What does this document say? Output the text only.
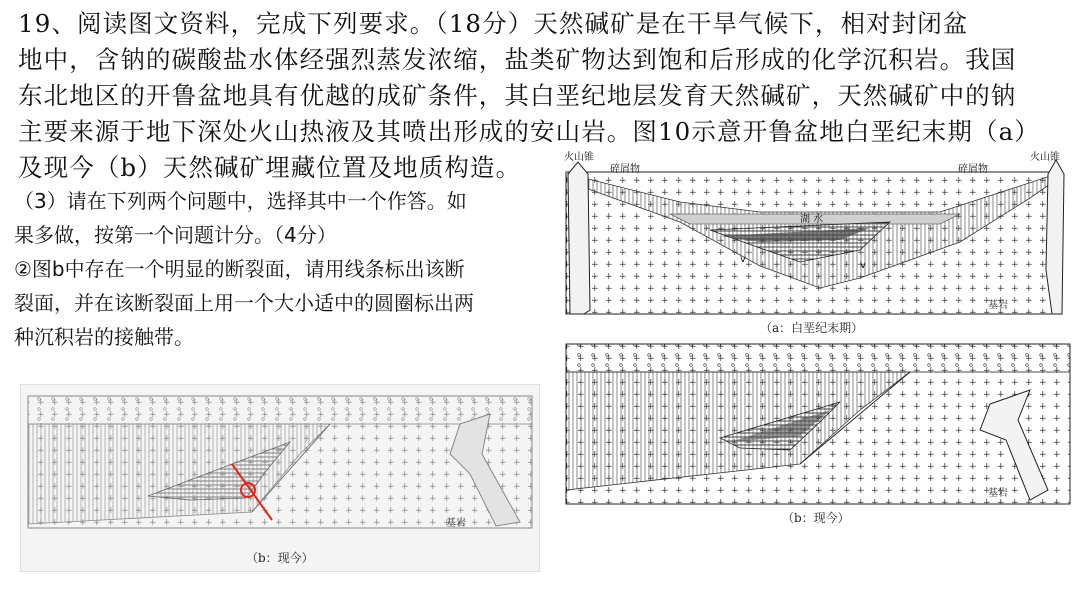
19、阅读图文资料，完成下列要求。（18分）天然碱矿是在干旱气候下，相对封闭盆

地中，含钠的碳酸盐水体经强烈蒸发浓缩，盐类矿物达到饱和后形成的化学沉积岩。我国

东北地区的开鲁盆地具有优越的成矿条件，其白垩纪地层发育天然碱矿，天然碱矿中的钠

主要来源于地下深处火山热液及其喷出形成的安山岩。图10示意开鲁盆地白垩纪末期（a）

及现今（b）天然碱矿埋藏位置及地质构造。

（3）请在下列两个问题中，选择其中一个作答。如
果多做，按第一个问题计分。（4分）
②图b中存在一个明显的断裂面，请用线条标出该断
裂面，并在该断裂面上用一个大小适中的圆圈标出两
种沉积岩的接触带。
湖 水
火山锥	火山锥
碎屑物	碎屑物
基岩
v
v
（a：白垩纪末期）
基岩
（b：现今）
基岩
（b：现今）
